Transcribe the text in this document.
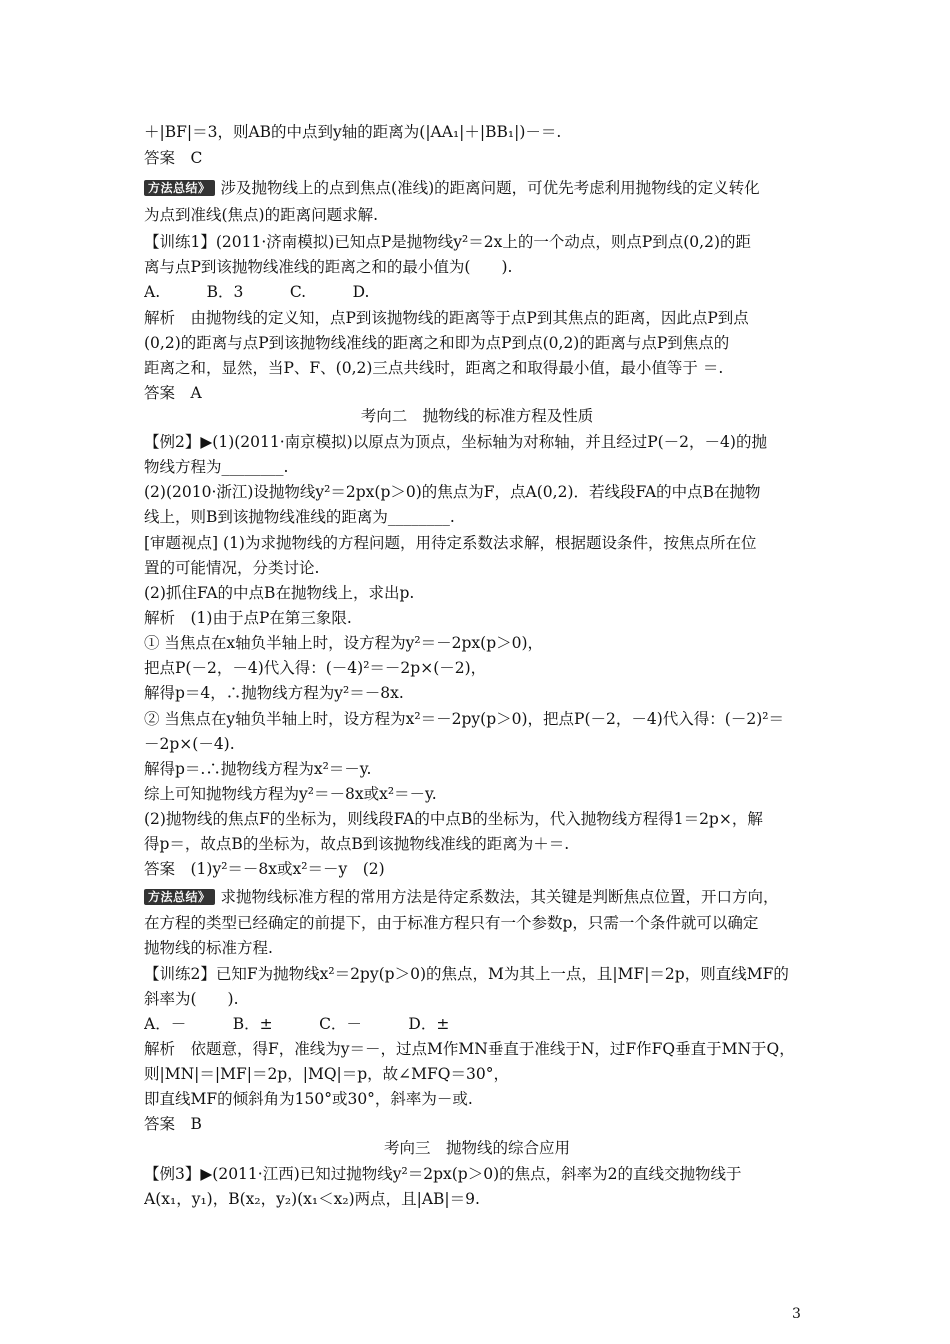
＋|BF|＝3，则AB的中点到y轴的距离为(|AA₁|＋|BB₁|)－＝.
答案　C
方法总结》 涉及抛物线上的点到焦点(准线)的距离问题，可优先考虑利用抛物线的定义转化
为点到准线(焦点)的距离问题求解.
【训练1】(2011·济南模拟)已知点P是抛物线y²＝2x上的一个动点，则点P到点(0,2)的距
离与点P到该抛物线准线的距离之和的最小值为(　　).
A.　　　B．3　　　C.　　　D.
解析　由抛物线的定义知，点P到该抛物线的距离等于点P到其焦点的距离，因此点P到点
(0,2)的距离与点P到该抛物线准线的距离之和即为点P到点(0,2)的距离与点P到焦点的
距离之和，显然，当P、F、(0,2)三点共线时，距离之和取得最小值，最小值等于 ＝.
答案　A
考向二　抛物线的标准方程及性质
【例2】▶(1)(2011·南京模拟)以原点为顶点，坐标轴为对称轴，并且经过P(－2，－4)的抛
物线方程为________.
(2)(2010·浙江)设抛物线y²＝2px(p＞0)的焦点为F，点A(0,2)．若线段FA的中点B在抛物
线上，则B到该抛物线准线的距离为________.
[审题视点] (1)为求抛物线的方程问题，用待定系数法求解，根据题设条件，按焦点所在位
置的可能情况，分类讨论.
(2)抓住FA的中点B在抛物线上，求出p.
解析　(1)由于点P在第三象限.
① 当焦点在x轴负半轴上时，设方程为y²＝－2px(p＞0)，
把点P(－2，－4)代入得：(－4)²＝－2p×(－2)，
解得p＝4，∴抛物线方程为y²＝－8x.
② 当焦点在y轴负半轴上时，设方程为x²＝－2py(p＞0)，把点P(－2，－4)代入得：(－2)²＝
－2p×(－4).
解得p＝.∴抛物线方程为x²＝－y.
综上可知抛物线方程为y²＝－8x或x²＝－y.
(2)抛物线的焦点F的坐标为，则线段FA的中点B的坐标为，代入抛物线方程得1＝2p×，解
得p＝，故点B的坐标为，故点B到该抛物线准线的距离为＋＝.
答案　(1)y²＝－8x或x²＝－y　(2)
方法总结》 求抛物线标准方程的常用方法是待定系数法，其关键是判断焦点位置，开口方向，
在方程的类型已经确定的前提下，由于标准方程只有一个参数p，只需一个条件就可以确定
抛物线的标准方程.
【训练2】已知F为抛物线x²＝2py(p＞0)的焦点，M为其上一点，且|MF|＝2p，则直线MF的
斜率为(　　).
A．－　　　B．±　　　C．－　　　D．±
解析　依题意，得F，准线为y＝－，过点M作MN垂直于准线于N，过F作FQ垂直于MN于Q，
则|MN|＝|MF|＝2p，|MQ|＝p，故∠MFQ＝30°，
即直线MF的倾斜角为150°或30°，斜率为－或.
答案　B
考向三　抛物线的综合应用
【例3】▶(2011·江西)已知过抛物线y²＝2px(p＞0)的焦点，斜率为2的直线交抛物线于
A(x₁，y₁)，B(x₂，y₂)(x₁＜x₂)两点，且|AB|＝9.
3
